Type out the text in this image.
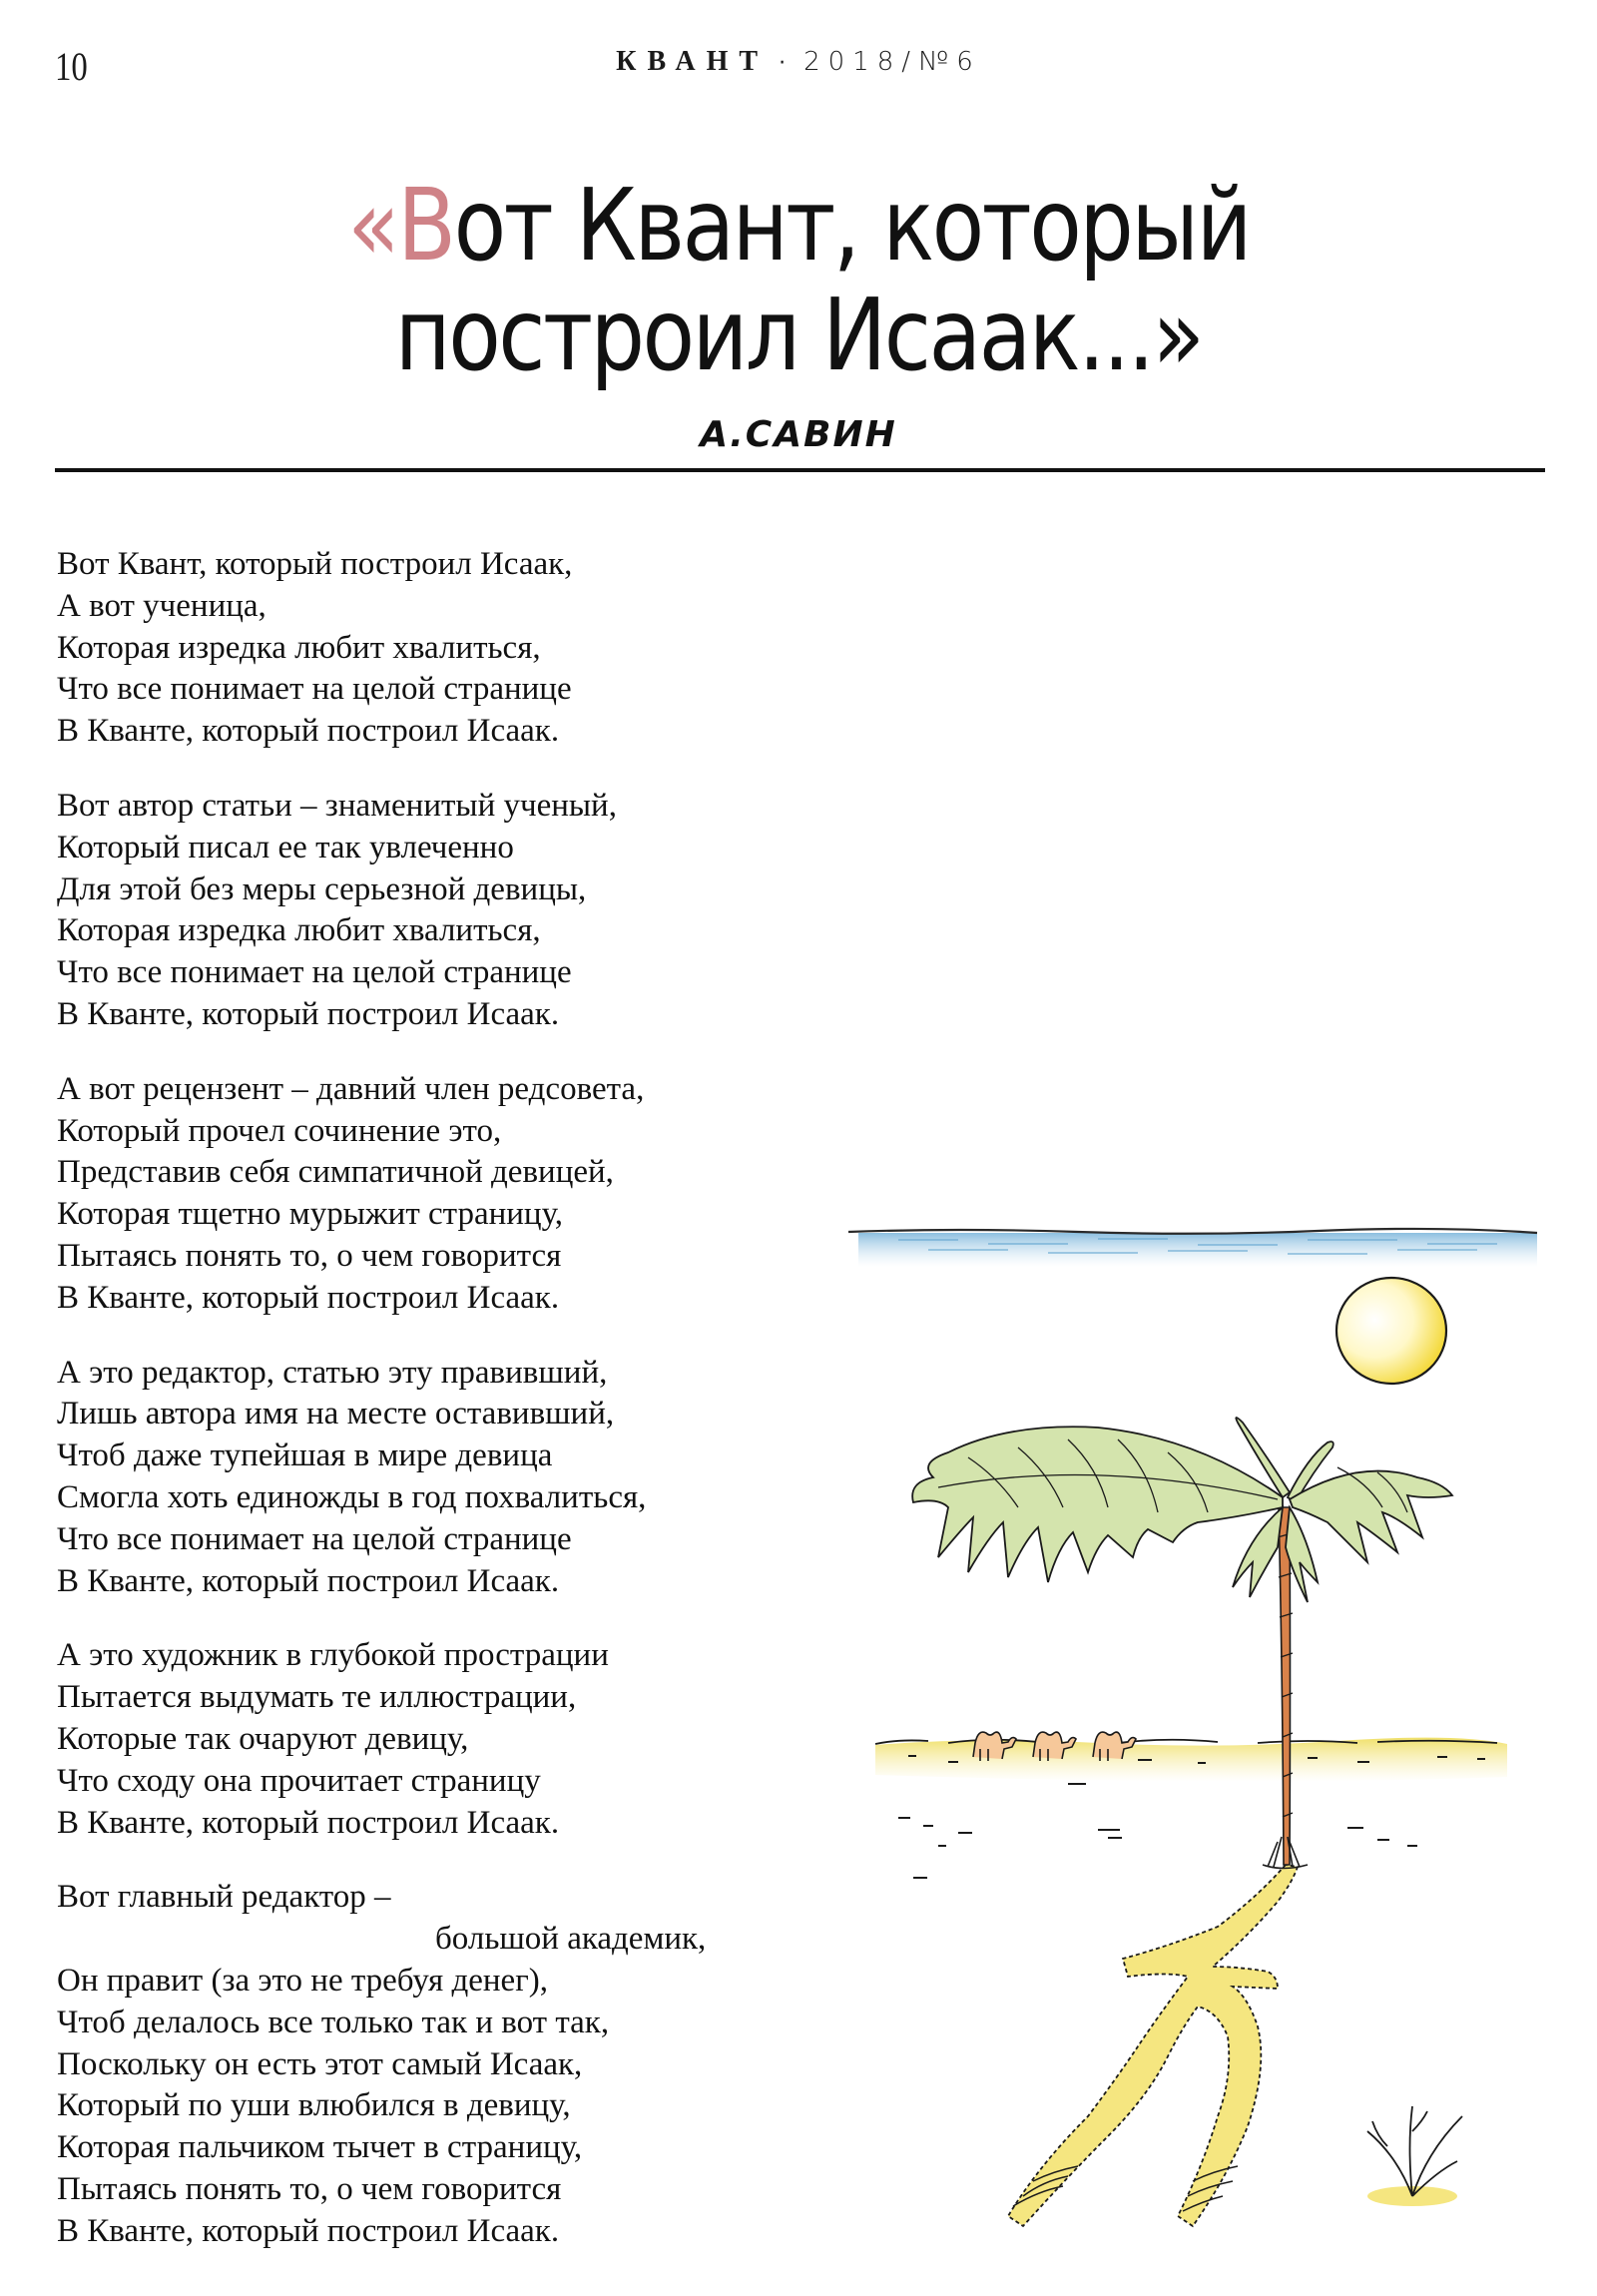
10	КВАНТ · 2018/№6
«Вот Квант, который
построил Исаак...»
А.САВИН
Вот Квант, который построил Исаак,
А вот ученица,
Которая изредка любит хвалиться,
Что все понимает на целой странице
В Кванте, который построил Исаак.
Вот автор статьи – знаменитый ученый,
Который писал ее так увлеченно
Для этой без меры серьезной девицы,
Которая изредка любит хвалиться,
Что все понимает на целой странице
В Кванте, который построил Исаак.
А вот рецензент – давний член редсовета,
Который прочел сочинение это,
Представив себя симпатичной девицей,
Которая тщетно мурыжит страницу,
Пытаясь понять то, о чем говорится
В Кванте, который построил Исаак.
А это редактор, статью эту правивший,
Лишь автора имя на месте оставивший,
Чтоб даже тупейшая в мире девица
Смогла хоть единожды в год похвалиться,
Что все понимает на целой странице
В Кванте, который построил Исаак.
А это художник в глубокой прострации
Пытается выдумать те иллюстрации,
Которые так очаруют девицу,
Что сходу она прочитает страницу
В Кванте, который построил Исаак.
Вот главный редактор –
большой академик,
Он правит (за это не требуя денег),
Чтоб делалось все только так и вот так,
Поскольку он есть этот самый Исаак,
Который по уши влюбился в девицу,
Которая пальчиком тычет в страницу,
Пытаясь понять то, о чем говорится
В Кванте, который построил Исаак.
